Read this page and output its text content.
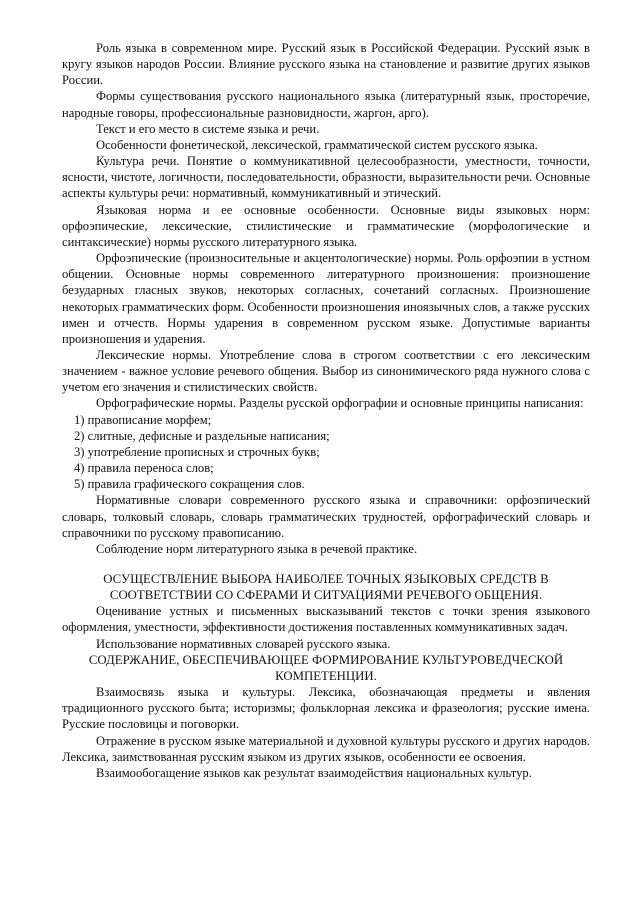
Роль языка в современном мире. Русский язык в Российской Федерации. Русский язык в кругу языков народов России. Влияние русского языка на становление и развитие других языков России.

Формы существования русского национального языка (литературный язык, просторечие, народные говоры, профессиональные разновидности, жаргон, арго).

Текст и его место в системе языка и речи.

Особенности фонетической, лексической, грамматической систем русского языка.

Культура речи. Понятие о коммуникативной целесообразности, уместности, точности, ясности, чистоте, логичности, последовательности, образности, выразительности речи. Основные аспекты культуры речи: нормативный, коммуникативный и этический.

Языковая норма и ее основные особенности. Основные виды языковых норм: орфоэпические, лексические, стилистические и грамматические (морфологические и синтаксические) нормы русского литературного языка.

Орфоэпические (произносительные и акцентологические) нормы. Роль орфоэпии в устном общении. Основные нормы современного литературного произношения: произношение безударных гласных звуков, некоторых согласных, сочетаний согласных. Произношение некоторых грамматических форм. Особенности произношения иноязычных слов, а также русских имен и отчеств. Нормы ударения в современном русском языке. Допустимые варианты произношения и ударения.

Лексические нормы. Употребление слова в строгом соответствии с его лексическим значением - важное условие речевого общения. Выбор из синонимического ряда нужного слова с учетом его значения и стилистических свойств.

Орфографические нормы. Разделы русской орфографии и основные принципы написания:

1) правописание морфем;
2) слитные, дефисные и раздельные написания;
3) употребление прописных и строчных букв;
4) правила переноса слов;
5) правила графического сокращения слов.

Нормативные словари современного русского языка и справочники: орфоэпический словарь, толковый словарь, словарь грамматических трудностей, орфографический словарь и справочники по русскому правописанию.

Соблюдение норм литературного языка в речевой практике.

ОСУЩЕСТВЛЕНИЕ ВЫБОРА НАИБОЛЕЕ ТОЧНЫХ ЯЗЫКОВЫХ СРЕДСТВ В СООТВЕТСТВИИ СО СФЕРАМИ И СИТУАЦИЯМИ РЕЧЕВОГО ОБЩЕНИЯ.

Оценивание устных и письменных высказываний текстов с точки зрения языкового оформления, уместности, эффективности достижения поставленных коммуникативных задач.

Использование нормативных словарей русского языка.

СОДЕРЖАНИЕ, ОБЕСПЕЧИВАЮЩЕЕ ФОРМИРОВАНИЕ КУЛЬТУРОВЕДЧЕСКОЙ КОМПЕТЕНЦИИ.

Взаимосвязь языка и культуры. Лексика, обозначающая предметы и явления традиционного русского быта; историзмы; фольклорная лексика и фразеология; русские имена. Русские пословицы и поговорки.

Отражение в русском языке материальной и духовной культуры русского и других народов. Лексика, заимствованная русским языком из других языков, особенности ее освоения.

Взаимообогащение языков как результат взаимодействия национальных культур.
